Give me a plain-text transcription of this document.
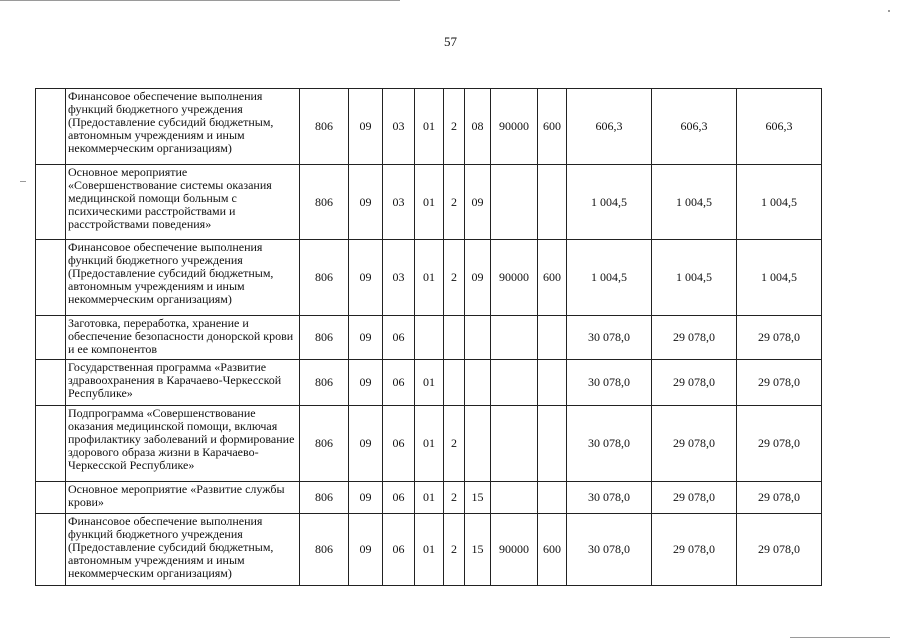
57
	Финансовое обеспечение выполнения функций бюджетного учреждения (Предоставление субсидий бюджетным, автономным учреждениям и иным некоммерческим организациям)	806	09	03	01	2	08	90000	600	606,3	606,3	606,3
	Основное мероприятие «Совершенствование системы оказания медицинской помощи больным с психическими расстройствами и расстройствами поведения»	806	09	03	01	2	09			1 004,5	1 004,5	1 004,5
	Финансовое обеспечение выполнения функций бюджетного учреждения (Предоставление субсидий бюджетным, автономным учреждениям и иным некоммерческим организациям)	806	09	03	01	2	09	90000	600	1 004,5	1 004,5	1 004,5
	Заготовка, переработка, хранение и обеспечение безопасности донорской крови и ее компонентов	806	09	06						30 078,0	29 078,0	29 078,0
	Государственная программа «Развитие здравоохранения в Карачаево-Черкесской Республике»	806	09	06	01					30 078,0	29 078,0	29 078,0
	Подпрограмма «Совершенствование оказания медицинской помощи, включая профилактику заболеваний и формирование здорового образа жизни в Карачаево-Черкесской Республике»	806	09	06	01	2				30 078,0	29 078,0	29 078,0
	Основное мероприятие «Развитие службы крови»	806	09	06	01	2	15			30 078,0	29 078,0	29 078,0
	Финансовое обеспечение выполнения функций бюджетного учреждения (Предоставление субсидий бюджетным, автономным учреждениям и иным некоммерческим организациям)	806	09	06	01	2	15	90000	600	30 078,0	29 078,0	29 078,0
